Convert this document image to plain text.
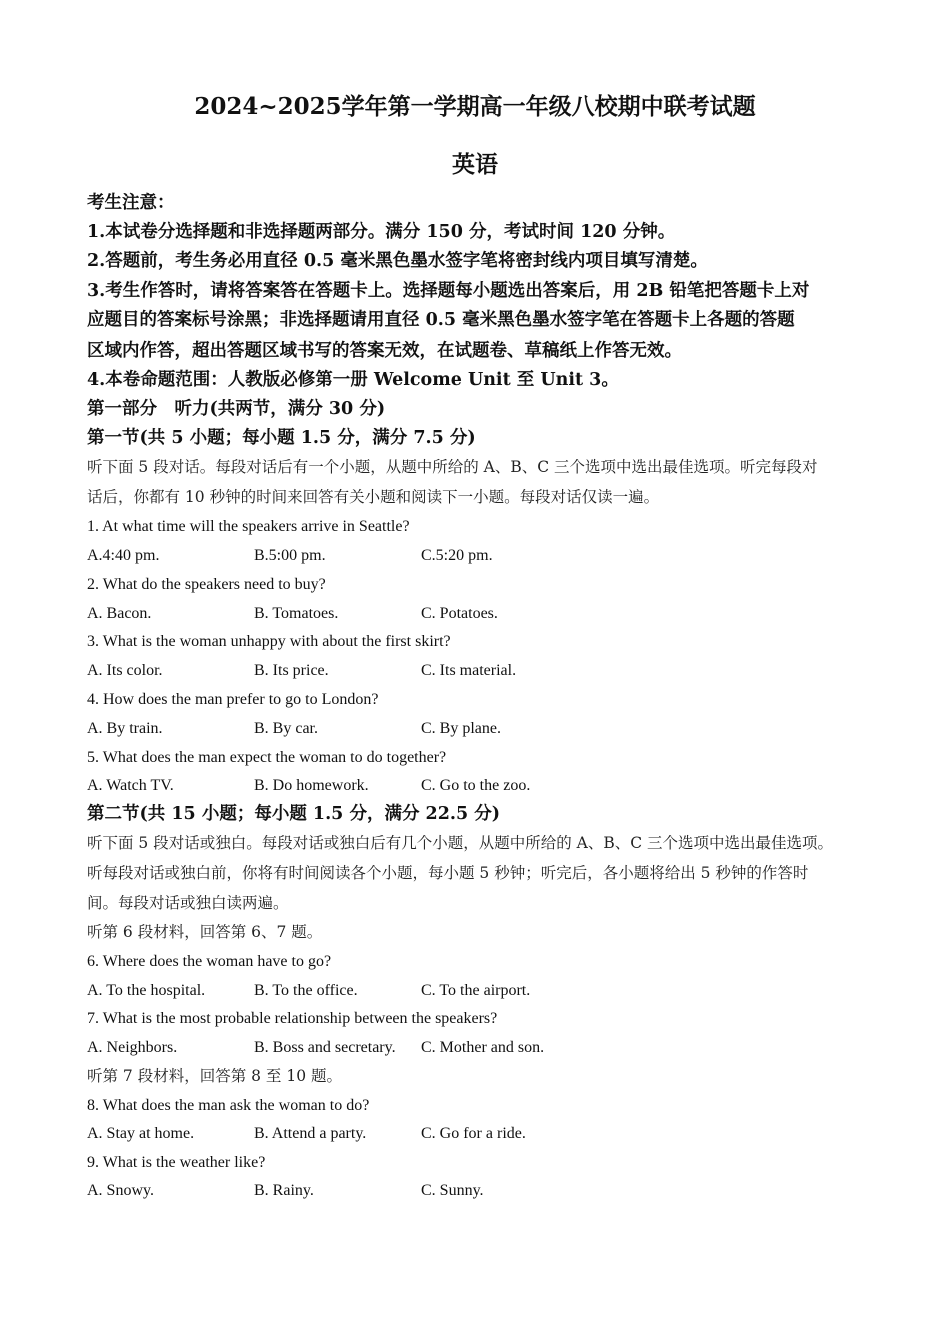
2024~2025学年第一学期高一年级八校期中联考试题
英语
考生注意：
1.本试卷分选择题和非选择题两部分。满分 150 分，考试时间 120 分钟。
2.答题前，考生务必用直径 0.5 毫米黑色墨水签字笔将密封线内项目填写清楚。
3.考生作答时，请将答案答在答题卡上。选择题每小题选出答案后，用 2B 铅笔把答题卡上对
应题目的答案标号涂黑；非选择题请用直径 0.5 毫米黑色墨水签字笔在答题卡上各题的答题
区域内作答，超出答题区域书写的答案无效，在试题卷、草稿纸上作答无效。
4.本卷命题范围：人教版必修第一册 Welcome Unit 至 Unit 3。
第一部分　听力(共两节，满分 30 分)
第一节(共 5 小题；每小题 1.5 分，满分 7.5 分)
听下面 5 段对话。每段对话后有一个小题，从题中所给的 A、B、C 三个选项中选出最佳选项。听完每段对
话后，你都有 10 秒钟的时间来回答有关小题和阅读下一小题。每段对话仅读一遍。
1. At what time will the speakers arrive in Seattle?
A.4:40 pm.	B.5:00 pm.	C.5:20 pm.
2. What do the speakers need to buy?
A. Bacon.	B. Tomatoes.	C. Potatoes.
3. What is the woman unhappy with about the first skirt?
A. Its color.	B. Its price.	C. Its material.
4. How does the man prefer to go to London?
A. By train.	B. By car.	C. By plane.
5. What does the man expect the woman to do together?
A. Watch TV.	B. Do homework.	C. Go to the zoo.
第二节(共 15 小题；每小题 1.5 分，满分 22.5 分)
听下面 5 段对话或独白。每段对话或独白后有几个小题，从题中所给的 A、B、C 三个选项中选出最佳选项。
听每段对话或独白前，你将有时间阅读各个小题，每小题 5 秒钟；听完后，各小题将给出 5 秒钟的作答时
间。每段对话或独白读两遍。
听第 6 段材料，回答第 6、7 题。
6. Where does the woman have to go?
A. To the hospital.	B. To the office.	C. To the airport.
7. What is the most probable relationship between the speakers?
A. Neighbors.	B. Boss and secretary. C. Mother and son.
听第 7 段材料，回答第 8 至 10 题。
8. What does the man ask the woman to do?
A. Stay at home.	B. Attend a party.	C. Go for a ride.
9. What is the weather like?
A. Snowy.	B. Rainy.	C. Sunny.
